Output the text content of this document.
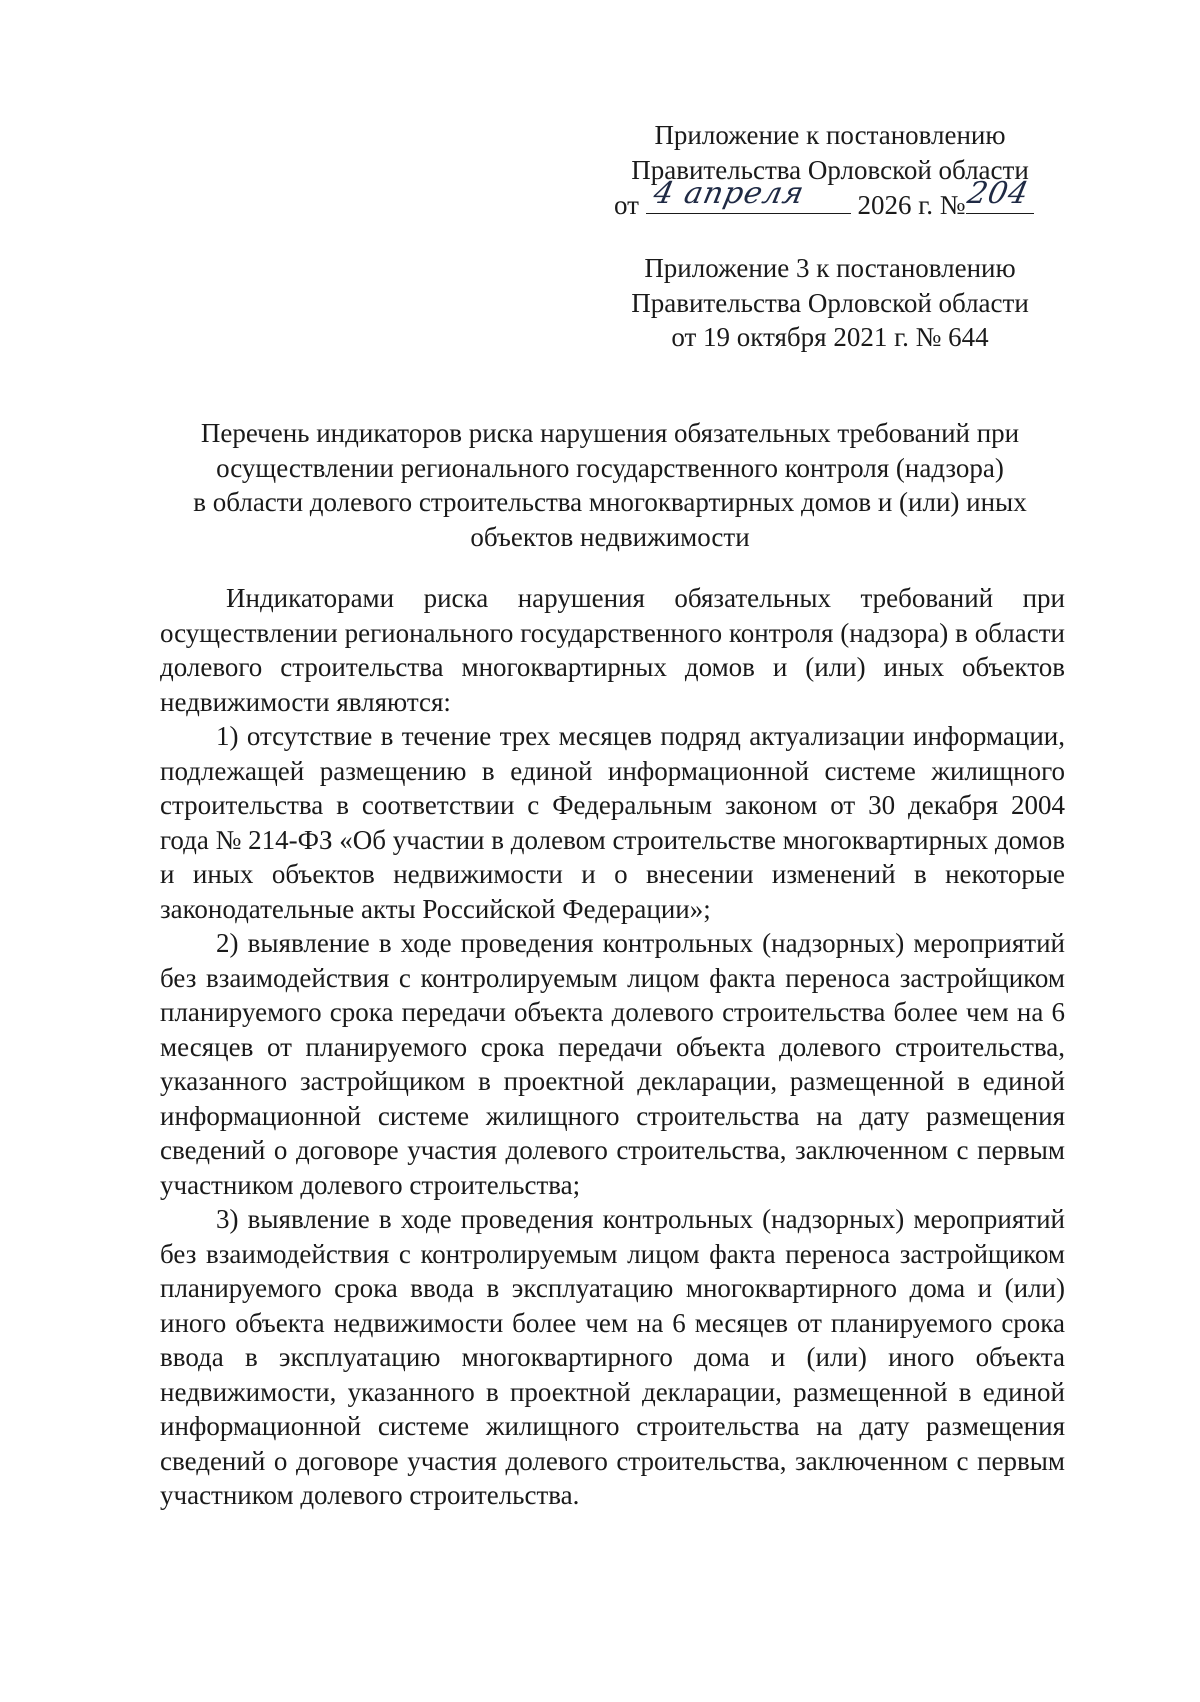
Приложение к постановлению
Правительства Орловской области
от 4 апреля 2026 г. №
204
Приложение 3 к постановлению
Правительства Орловской области
от 19 октября 2021 г. № 644
Перечень индикаторов риска нарушения обязательных требований при
осуществлении регионального государственного контроля (надзора)
в области долевого строительства многоквартирных домов и (или) иных
объектов недвижимости

Индикаторами риска нарушения обязательных требований при осуществлении регионального государственного контроля (надзора) в области долевого строительства многоквартирных домов и (или) иных объектов недвижимости являются:

1) отсутствие в течение трех месяцев подряд актуализации информации, подлежащей размещению в единой информационной системе жилищного строительства в соответствии с Федеральным законом от 30 декабря 2004 года № 214-ФЗ «Об участии в долевом строительстве многоквартирных домов и иных объектов недвижимости и о внесении изменений в некоторые законодательные акты Российской Федерации»;

2) выявление в ходе проведения контрольных (надзорных) мероприятий без взаимодействия с контролируемым лицом факта переноса застройщиком планируемого срока передачи объекта долевого строительства более чем на 6 месяцев от планируемого срока передачи объекта долевого строительства, указанного застройщиком в проектной декларации, размещенной в единой информационной системе жилищного строительства на дату размещения сведений о договоре участия долевого строительства, заключенном с первым участником долевого строительства;

3) выявление в ходе проведения контрольных (надзорных) мероприятий без взаимодействия с контролируемым лицом факта переноса застройщиком планируемого срока ввода в эксплуатацию многоквартирного дома и (или) иного объекта недвижимости более чем на 6 месяцев от планируемого срока ввода в эксплуатацию многоквартирного дома и (или) иного объекта недвижимости, указанного в проектной декларации, размещенной в единой информационной системе жилищного строительства на дату размещения сведений о договоре участия долевого строительства, заключенном с первым участником долевого строительства.
